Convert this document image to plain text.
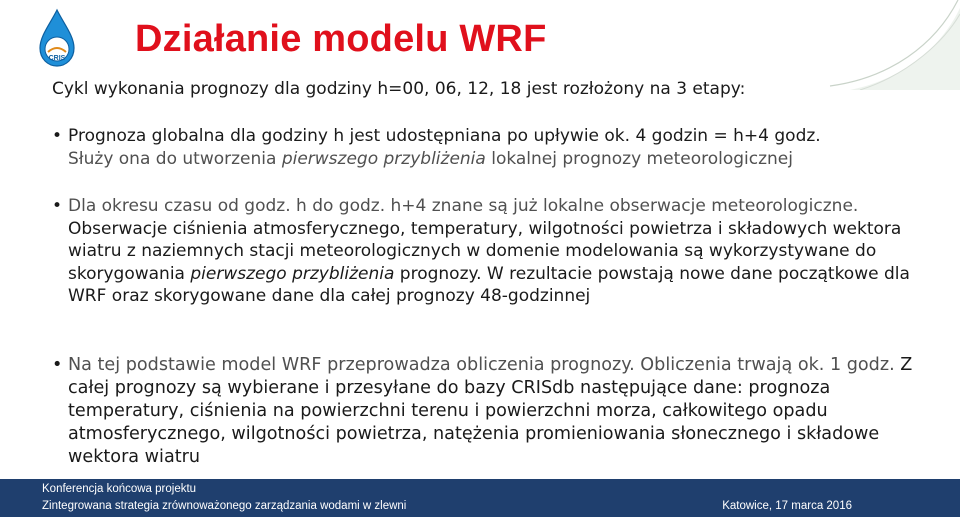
CRIS Działanie modelu WRF
Cykl wykonania prognozy dla godziny h=00, 06, 12, 18 jest rozłożony na 3 etapy:
• Prognoza globalna dla godziny h jest udostępniana po upływie ok. 4 godzin = h+4 godz.
Służy ona do utworzenia pierwszego przybliżenia lokalnej prognozy meteorologicznej
• Dla okresu czasu od godz. h do godz. h+4 znane są już lokalne obserwacje meteorologiczne. Obserwacje ciśnienia atmosferycznego, temperatury, wilgotności powietrza i składowych wektora wiatru z naziemnych stacji meteorologicznych w domenie modelowania są wykorzystywane do skorygowania pierwszego przybliżenia prognozy. W rezultacie powstają nowe dane początkowe dla WRF oraz skorygowane dane dla całej prognozy 48-godzinnej
• Na tej podstawie model WRF przeprowadza obliczenia prognozy. Obliczenia trwają ok. 1 godz. Z całej prognozy są wybierane i przesyłane do bazy CRISdb następujące dane: prognoza temperatury, ciśnienia na powierzchni terenu i powierzchni morza, całkowitego opadu atmosferycznego, wilgotności powietrza, natężenia promieniowania słonecznego i składowe wektora wiatru
Konferencja końcowa projektu
Zintegrowana strategia zrównoważonego zarządzania wodami w zlewni	Katowice, 17 marca 2016
